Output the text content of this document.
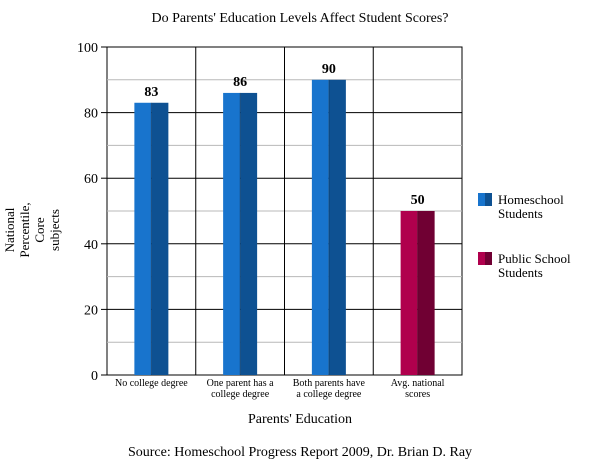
Do Parents' Education Levels Affect Student Scores?
83
86
90
50
0
20
40
60
80
100
No college degree One parent has a college degree
Both parents have a college degree
Avg. national scores
Parents' Education
NationalPercentile,Coresubjects
Homeschool Students
Public School Students
Source: Homeschool Progress Report 2009, Dr. Brian D. Ray
